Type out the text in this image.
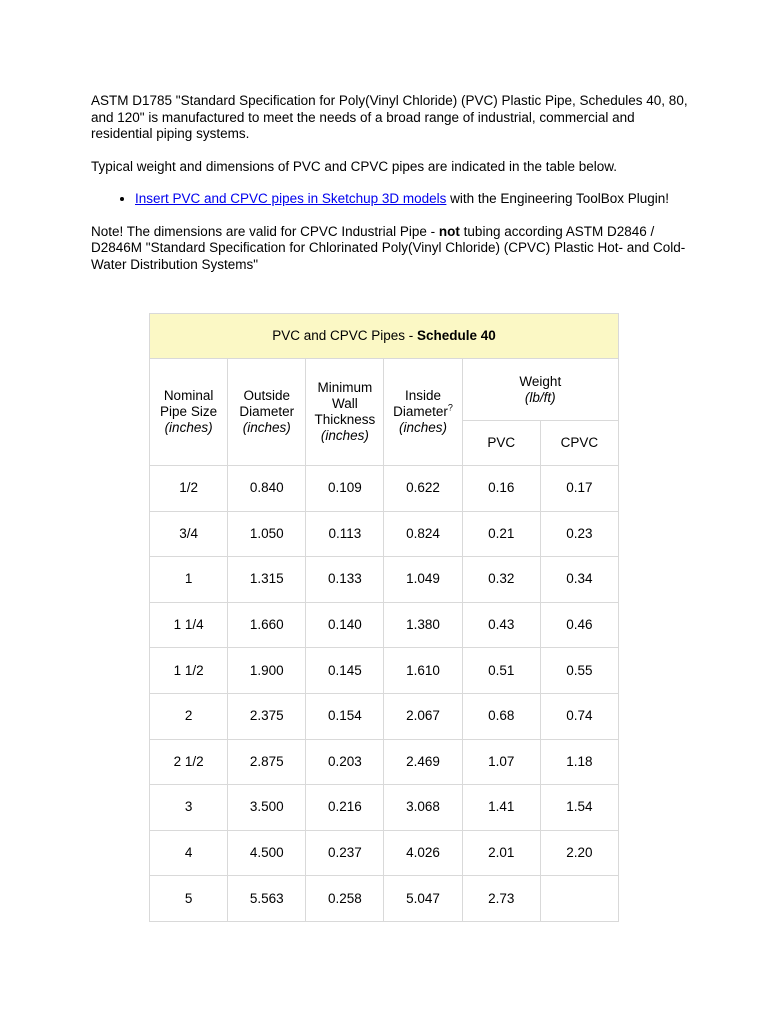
ASTM D1785 "Standard Specification for Poly(Vinyl Chloride) (PVC) Plastic Pipe, Schedules 40, 80, and 120" is manufactured to meet the needs of a broad range of industrial, commercial and residential piping systems.

Typical weight and dimensions of PVC and CPVC pipes are indicated in the table below.

• Insert PVC and CPVC pipes in Sketchup 3D models with the Engineering ToolBox Plugin!

Note! The dimensions are valid for CPVC Industrial Pipe - not tubing according ASTM D2846 / D2846M "Standard Specification for Chlorinated Poly(Vinyl Chloride) (CPVC) Plastic Hot- and Cold-Water Distribution Systems"

PVC and CPVC Pipes - Schedule 40					
Nominal
Pipe Size
(inches)	Outside
Diameter
(inches)	Minimum
Wall
Thickness
(inches)	Inside
Diameter?
(inches)	Weight
(lb/ft)	
				PVC	CPVC
1/2	0.840	0.109	0.622	0.16	0.17
3/4	1.050	0.113	0.824	0.21	0.23
1	1.315	0.133	1.049	0.32	0.34
1 1/4	1.660	0.140	1.380	0.43	0.46
1 1/2	1.900	0.145	1.610	0.51	0.55
2	2.375	0.154	2.067	0.68	0.74
2 1/2	2.875	0.203	2.469	1.07	1.18
3	3.500	0.216	3.068	1.41	1.54
4	4.500	0.237	4.026	2.01	2.20
5	5.563	0.258	5.047	2.73	
